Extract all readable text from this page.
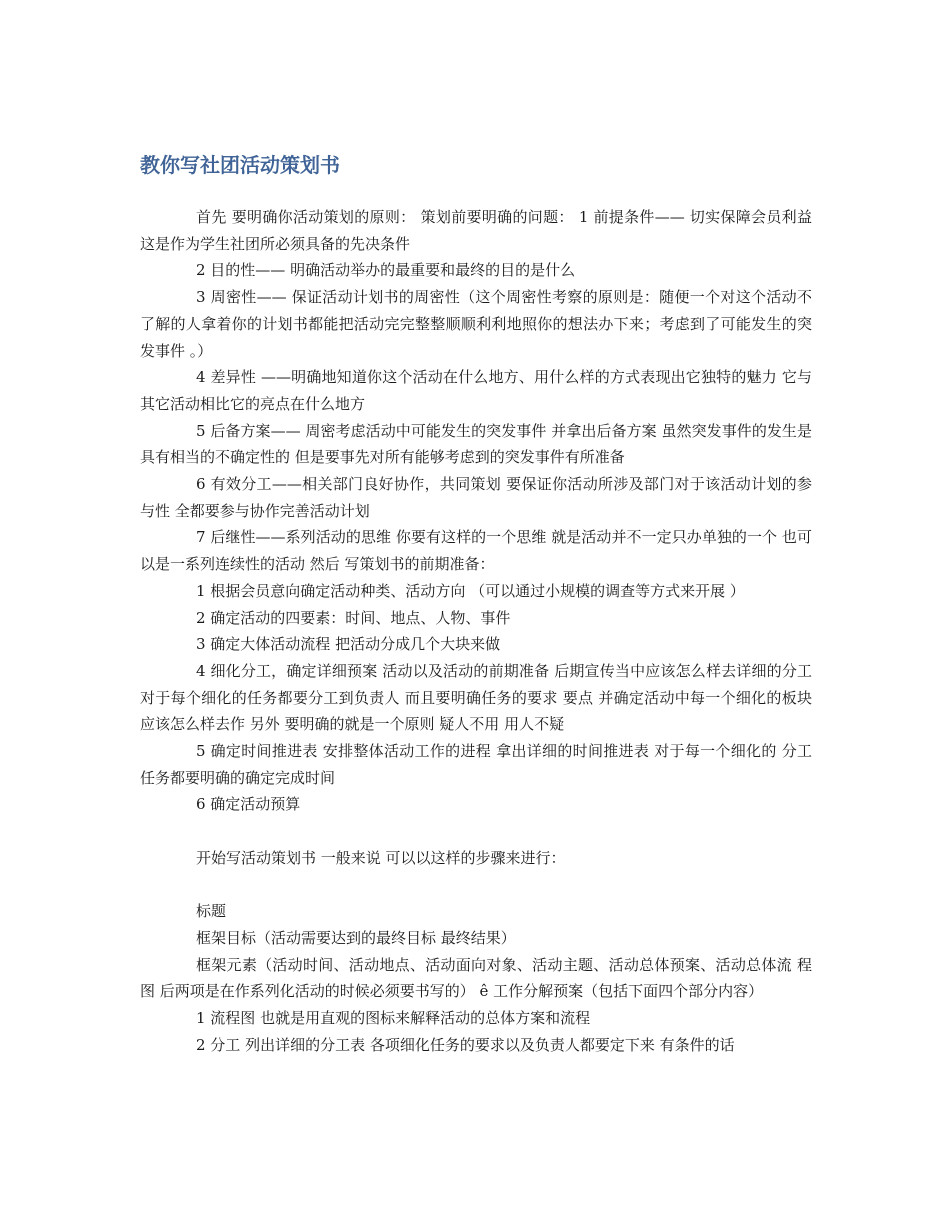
教你写社团活动策划书

首先 要明确你活动策划的原则： 策划前要明确的问题： 1 前提条件—— 切实保障会员利益 这是作为学生社团所必须具备的先决条件

2 目的性—— 明确活动举办的最重要和最终的目的是什么

3 周密性—— 保证活动计划书的周密性（这个周密性考察的原则是：随便一个对这个活动不了解的人拿着你的计划书都能把活动完完整整顺顺利利地照你的想法办下来；考虑到了可能发生的突发事件 。）

4 差异性 ——明确地知道你这个活动在什么地方、用什么样的方式表现出它独特的魅力 它与其它活动相比它的亮点在什么地方

5 后备方案—— 周密考虑活动中可能发生的突发事件 并拿出后备方案 虽然突发事件的发生是具有相当的不确定性的 但是要事先对所有能够考虑到的突发事件有所准备

6 有效分工——相关部门良好协作，共同策划 要保证你活动所涉及部门对于该活动计划的参与性 全都要参与协作完善活动计划

7 后继性——系列活动的思维 你要有这样的一个思维 就是活动并不一定只办单独的一个 也可以是一系列连续性的活动 然后 写策划书的前期准备：

1 根据会员意向确定活动种类、活动方向 （可以通过小规模的调查等方式来开展 ）

2 确定活动的四要素：时间、地点、人物、事件

3 确定大体活动流程 把活动分成几个大块来做

4 细化分工，确定详细预案 活动以及活动的前期准备 后期宣传当中应该怎么样去详细的分工 对于每个细化的任务都要分工到负责人 而且要明确任务的要求 要点 并确定活动中每一个细化的板块应该怎么样去作 另外 要明确的就是一个原则 疑人不用 用人不疑

5 确定时间推进表 安排整体活动工作的进程 拿出详细的时间推进表 对于每一个细化的 分工任务都要明确的确定完成时间

6 确定活动预算

开始写活动策划书 一般来说 可以以这样的步骤来进行：

标题

框架目标（活动需要达到的最终目标 最终结果）

框架元素（活动时间、活动地点、活动面向对象、活动主题、活动总体预案、活动总体流 程图 后两项是在作系列化活动的时候必须要书写的） ê 工作分解预案（包括下面四个部分内容）

1 流程图 也就是用直观的图标来解释活动的总体方案和流程

2 分工 列出详细的分工表 各项细化任务的要求以及负责人都要定下来 有条件的话
